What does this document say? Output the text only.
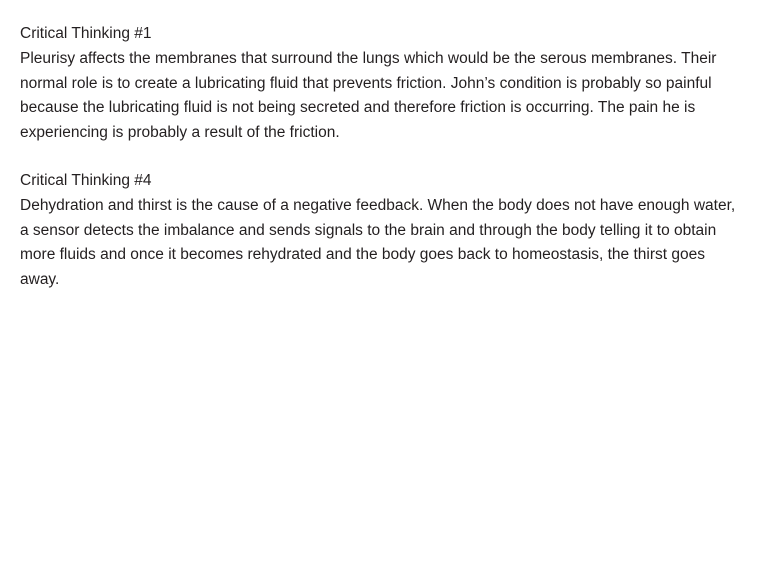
Critical Thinking #1

Pleurisy affects the membranes that surround the lungs which would be the serous membranes. Their normal role is to create a lubricating fluid that prevents friction. John’s condition is probably so painful because the lubricating fluid is not being secreted and therefore friction is occurring. The pain he is experiencing is probably a result of the friction.

Critical Thinking #4

Dehydration and thirst is the cause of a negative feedback. When the body does not have enough water, a sensor detects the imbalance and sends signals to the brain and through the body telling it to obtain more fluids and once it becomes rehydrated and the body goes back to homeostasis, the thirst goes away.
